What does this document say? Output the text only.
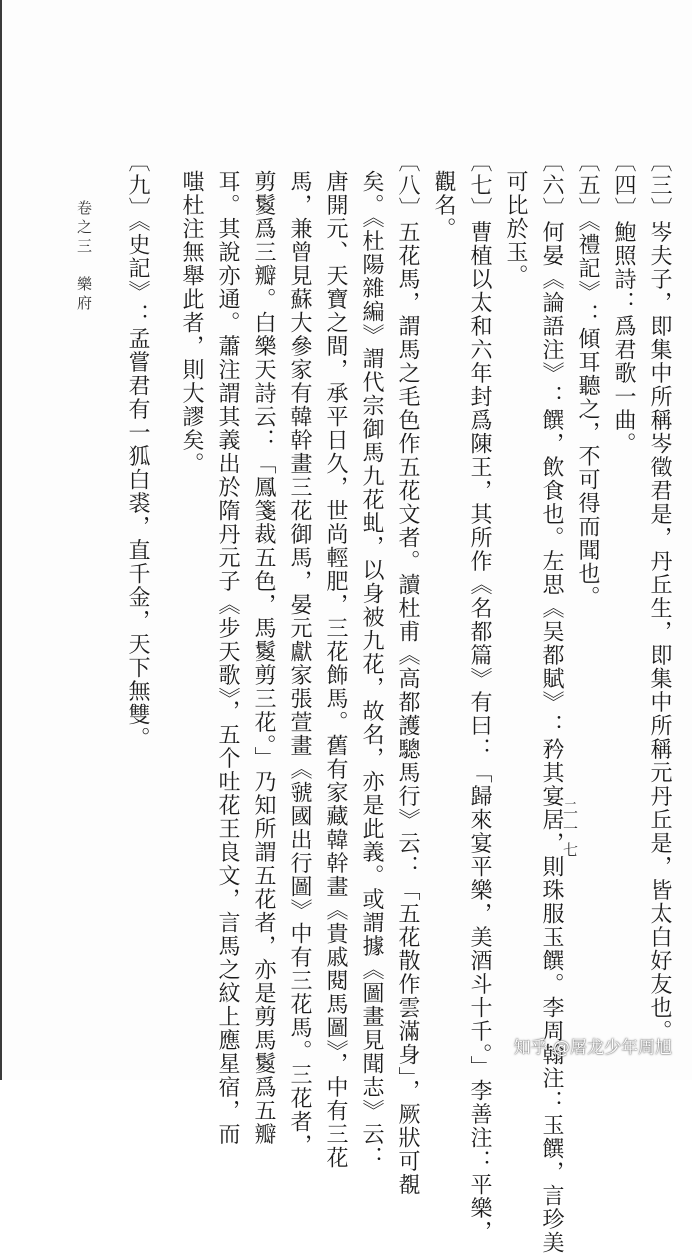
〔三〕岑夫子，即集中所稱岑徵君是，丹丘生，即集中所稱元丹丘是，皆太白好友也。
〔四〕鮑照詩：爲君歌一曲。
〔五〕《禮記》：傾耳聽之，不可得而聞也。
〔六〕何晏《論語注》：饌，飲食也。左思《吴都賦》：矜其宴居，則珠服玉饌。李周翰注：玉饌，言珍美
可比於玉。
〔七〕曹植以太和六年封爲陳王，其所作《名都篇》有曰：「歸來宴平樂，美酒斗十千。」李善注：平樂，
觀名。
〔八〕五花馬，謂馬之毛色作五花文者。讀杜甫《高都護驄馬行》云：「五花散作雲滿身」，厥狀可覩
矣。《杜陽雜編》謂代宗御馬九花虬，以身被九花，故名，亦是此義。或謂據《圖畫見聞志》云：
唐開元、天寶之間，承平日久，世尚輕肥，三花飾馬。舊有家藏韓幹畫《貴戚閱馬圖》，中有三花
馬，兼曾見蘇大參家有韓幹畫三花御馬，晏元獻家張萱畫《虢國出行圖》中有三花馬。三花者，
剪鬉爲三瓣。白樂天詩云：「鳳箋裁五色，馬鬉剪三花。」乃知所謂五花者，亦是剪馬鬉爲五瓣
耳。其說亦通。蕭注謂其義出於隋丹元子《步天歌》，五个吐花王良文，言馬之紋上應星宿，而
嗤杜注無舉此者，則大謬矣。
〔九〕《史記》：孟嘗君有一狐白裘，直千金，天下無雙。
卷之三　樂府
二一七
知乎 @屠龙少年周旭
